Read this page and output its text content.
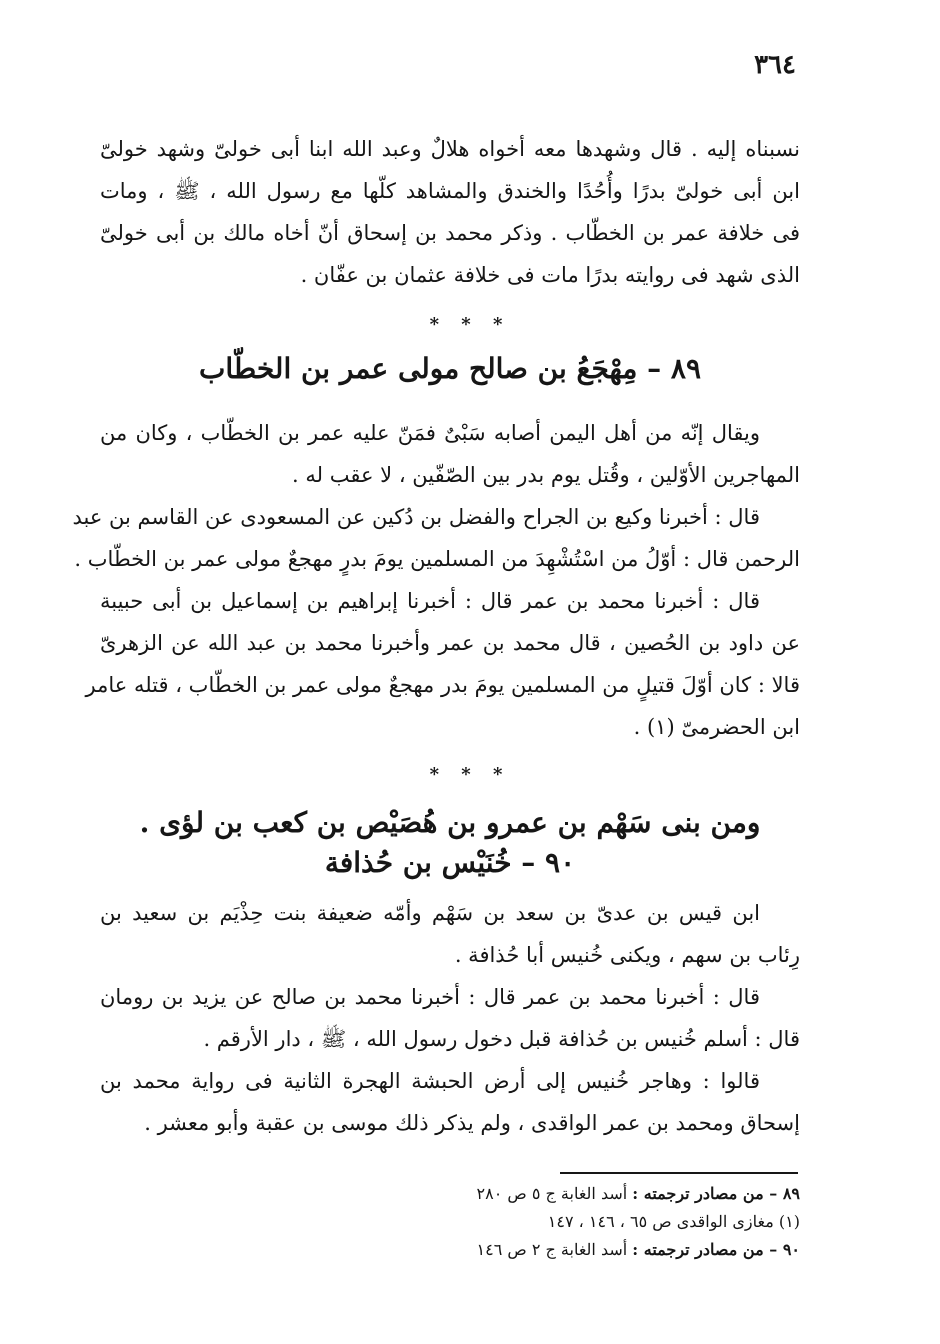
٣٦٤
نسبناه إليه . قال وشهدها معه أخواه هلالٌ وعبد الله ابنا أبى خولىّ وشهد خولىّ
ابن أبى خولىّ بدرًا وأُحُدًا والخندق والمشاهد كلّها مع رسول الله ، ﷺ ، ومات
فى خلافة عمر بن الخطّاب . وذكر محمد بن إسحاق أنّ أخاه مالك بن أبى خولىّ
الذى شهد فى روايته بدرًا مات فى خلافة عثمان بن عفّان .
* * *
٨٩ – مِهْجَعُ بن صالح مولى عمر بن الخطّاب
ويقال إنّه من أهل اليمن أصابه سَبْىٌ فمَنّ عليه عمر بن الخطّاب ، وكان من
المهاجرين الأوّلين ، وقُتل يوم بدر بين الصّفّين ، لا عقب له .
قال : أخبرنا وكيع بن الجراح والفضل بن دُكين عن المسعودى عن القاسم بن عبد
الرحمن قال : أوّلُ من اسْتُشْهِدَ من المسلمين يومَ بدرٍ مهجعٌ مولى عمر بن الخطّاب .
قال : أخبرنا محمد بن عمر قال : أخبرنا إبراهيم بن إسماعيل بن أبى حبيبة
عن داود بن الحُصين ، قال محمد بن عمر وأخبرنا محمد بن عبد الله عن الزهرىّ
قالا : كان أوّلَ قتيلٍ من المسلمين يومَ بدر مهجعٌ مولى عمر بن الخطّاب ، قتله عامر
ابن الحضرمىّ (١) .
* * *
ومن بنى سَهْم بن عمرو بن هُصَيْص بن كعب بن لؤى .
٩٠ – خُنَيْس بن حُذافة
ابن قيس بن عدىّ بن سعد بن سَهْم وأمّه ضعيفة بنت حِذْيَم بن سعيد بن
رِئاب بن سهم ، ويكنى خُنيس أبا حُذافة .
قال : أخبرنا محمد بن عمر قال : أخبرنا محمد بن صالح عن يزيد بن رومان
قال : أسلم خُنيس بن حُذافة قبل دخول رسول الله ، ﷺ ، دار الأرقم .
قالوا : وهاجر خُنيس إلى أرض الحبشة الهجرة الثانية فى رواية محمد بن
إسحاق ومحمد بن عمر الواقدى ، ولم يذكر ذلك موسى بن عقبة وأبو معشر .
٨٩ – من مصادر ترجمته : أسد الغابة ج ٥ ص ٢٨٠
(١) مغازى الواقدى ص ٦٥ ، ١٤٦ ، ١٤٧
٩٠ – من مصادر ترجمته : أسد الغابة ج ٢ ص ١٤٦
